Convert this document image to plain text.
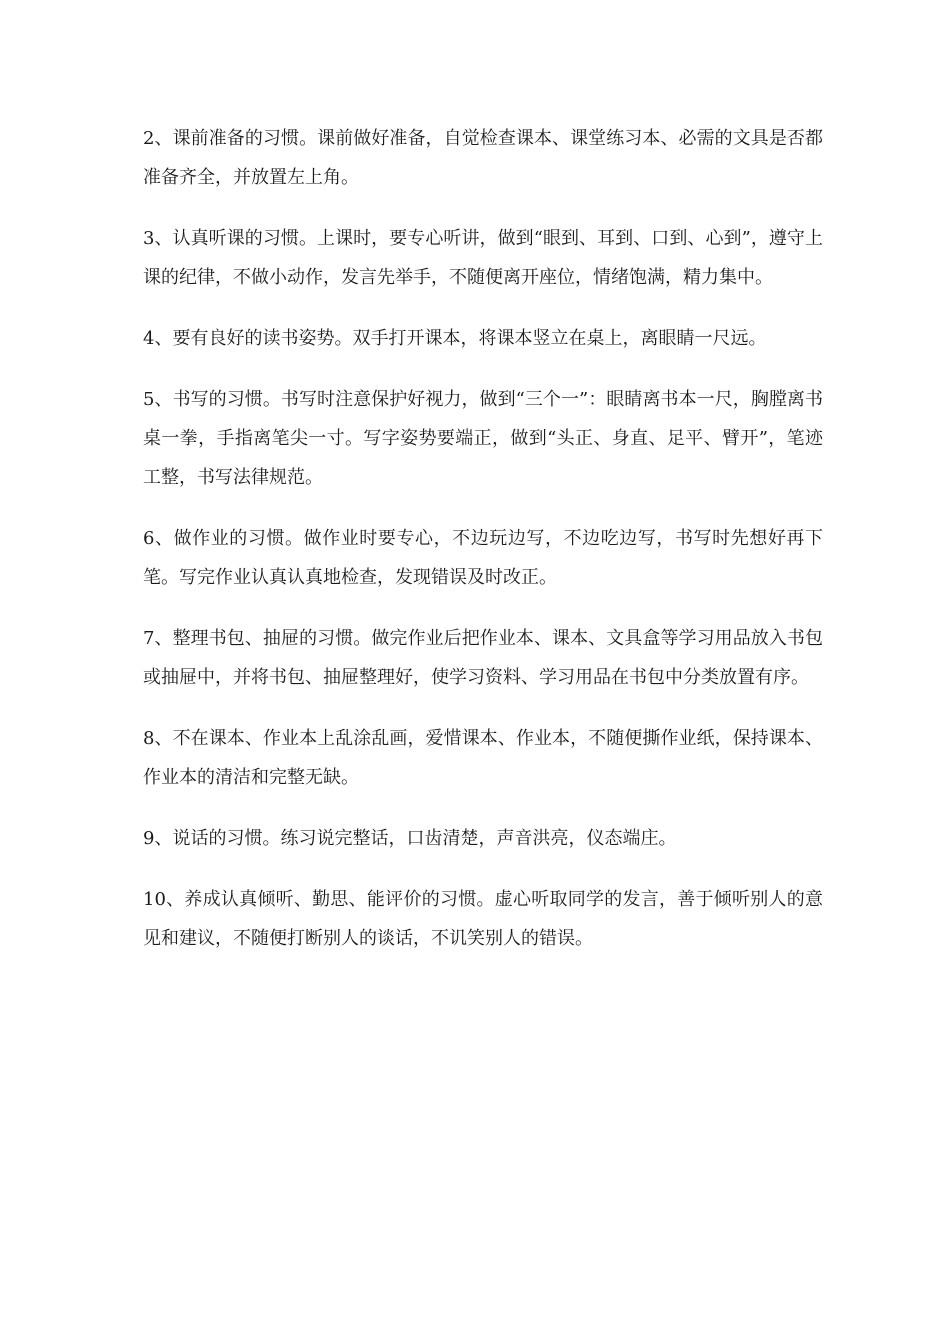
2、课前准备的习惯。课前做好准备，自觉检查课本、课堂练习本、必需的文具是否都准备齐全，并放置左上角。

3、认真听课的习惯。上课时，要专心听讲，做到“眼到、耳到、口到、心到”，遵守上课的纪律，不做小动作，发言先举手，不随便离开座位，情绪饱满，精力集中。

4、要有良好的读书姿势。双手打开课本，将课本竖立在桌上，离眼睛一尺远。

5、书写的习惯。书写时注意保护好视力，做到“三个一”：眼睛离书本一尺，胸膛离书桌一拳，手指离笔尖一寸。写字姿势要端正，做到“头正、身直、足平、臂开”，笔迹工整，书写法律规范。

6、做作业的习惯。做作业时要专心，不边玩边写，不边吃边写，书写时先想好再下笔。写完作业认真认真地检查，发现错误及时改正。

7、整理书包、抽屉的习惯。做完作业后把作业本、课本、文具盒等学习用品放入书包或抽屉中，并将书包、抽屉整理好，使学习资料、学习用品在书包中分类放置有序。

8、不在课本、作业本上乱涂乱画，爱惜课本、作业本，不随便撕作业纸，保持课本、作业本的清洁和完整无缺。

9、说话的习惯。练习说完整话，口齿清楚，声音洪亮，仪态端庄。

10、养成认真倾听、勤思、能评价的习惯。虚心听取同学的发言，善于倾听别人的意见和建议，不随便打断别人的谈话，不讥笑别人的错误。
